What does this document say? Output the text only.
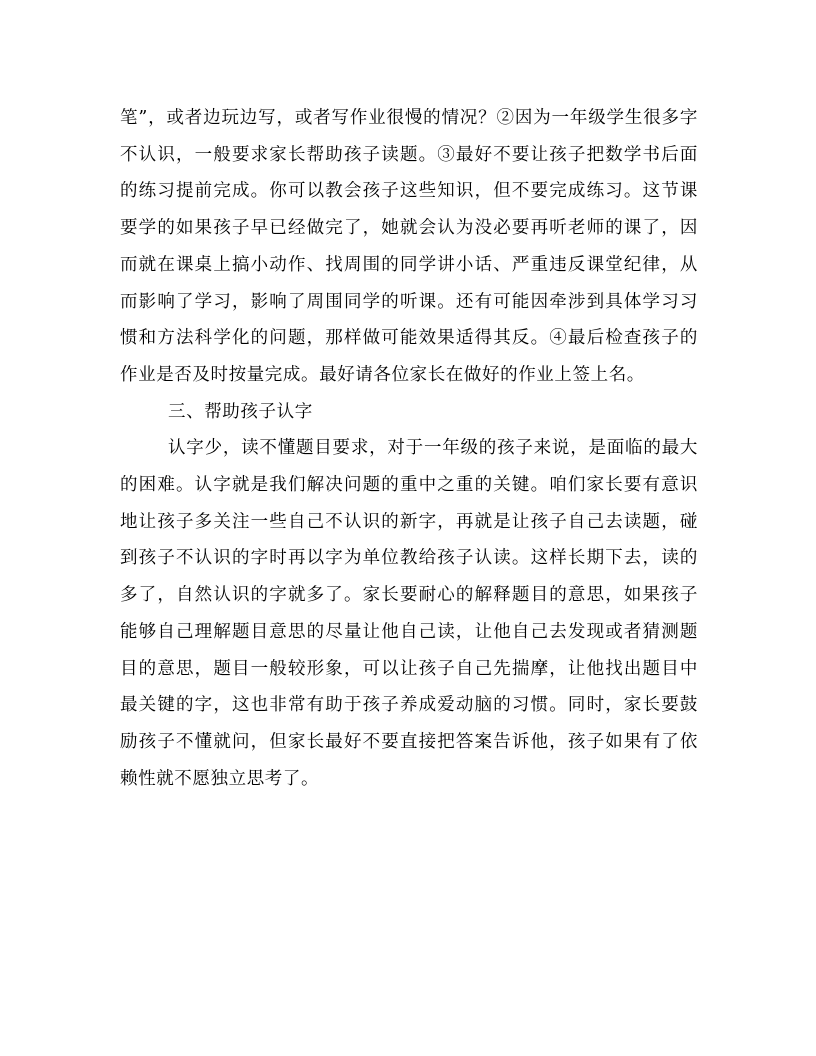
笔”，或者边玩边写，或者写作业很慢的情况？②因为一年级学生很多字不认识，一般要求家长帮助孩子读题。③最好不要让孩子把数学书后面的练习提前完成。你可以教会孩子这些知识，但不要完成练习。这节课要学的如果孩子早已经做完了，她就会认为没必要再听老师的课了，因而就在课桌上搞小动作、找周围的同学讲小话、严重违反课堂纪律，从而影响了学习，影响了周围同学的听课。还有可能因牵涉到具体学习习惯和方法科学化的问题，那样做可能效果适得其反。④最后检查孩子的作业是否及时按量完成。最好请各位家长在做好的作业上签上名。

三、帮助孩子认字

认字少，读不懂题目要求，对于一年级的孩子来说，是面临的最大的困难。认字就是我们解决问题的重中之重的关键。咱们家长要有意识地让孩子多关注一些自己不认识的新字，再就是让孩子自己去读题，碰到孩子不认识的字时再以字为单位教给孩子认读。这样长期下去，读的多了，自然认识的字就多了。家长要耐心的解释题目的意思，如果孩子能够自己理解题目意思的尽量让他自己读，让他自己去发现或者猜测题目的意思，题目一般较形象，可以让孩子自己先揣摩，让他找出题目中最关键的字，这也非常有助于孩子养成爱动脑的习惯。同时，家长要鼓励孩子不懂就问，但家长最好不要直接把答案告诉他，孩子如果有了依赖性就不愿独立思考了。
